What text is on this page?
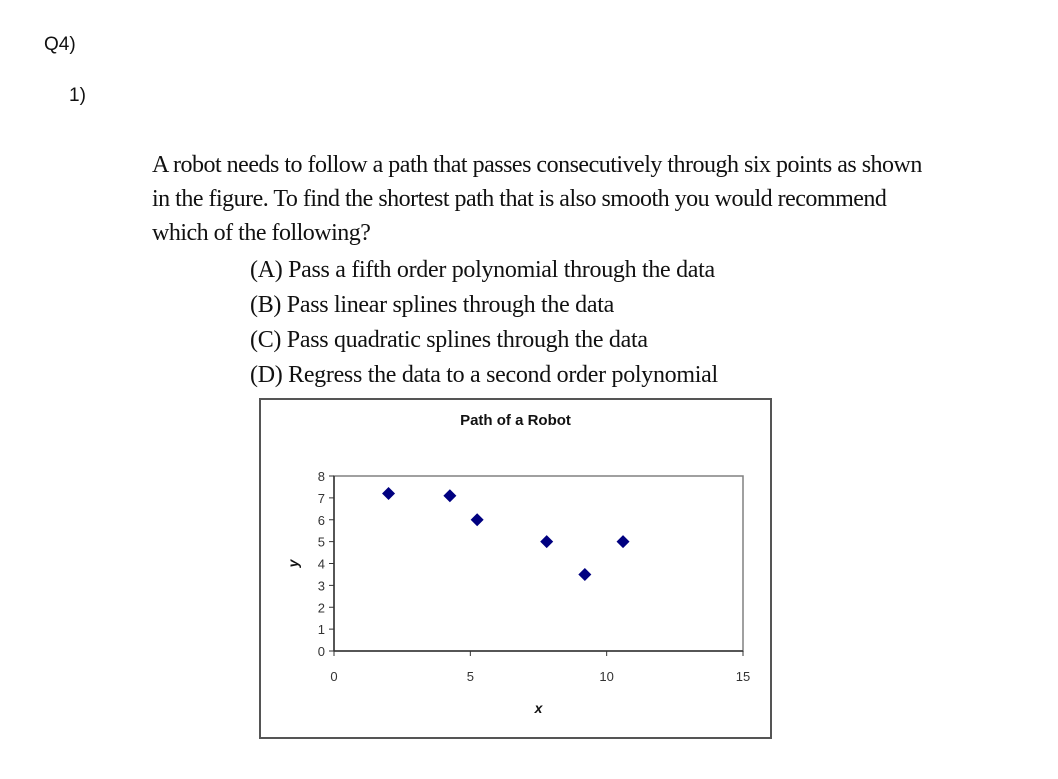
Q4)
1)
A robot needs to follow a path that passes consecutively through six points as shown
in the figure. To find the shortest path that is also smooth you would recommend
which of the following?
(A) Pass a fifth order polynomial through the data
(B) Pass linear splines through the data
(C) Pass quadratic splines through the data
(D) Regress the data to a second order polynomial
Path of a Robot
0
1
2
3
4
5
6
7
8
0	5	10	15
x
y
